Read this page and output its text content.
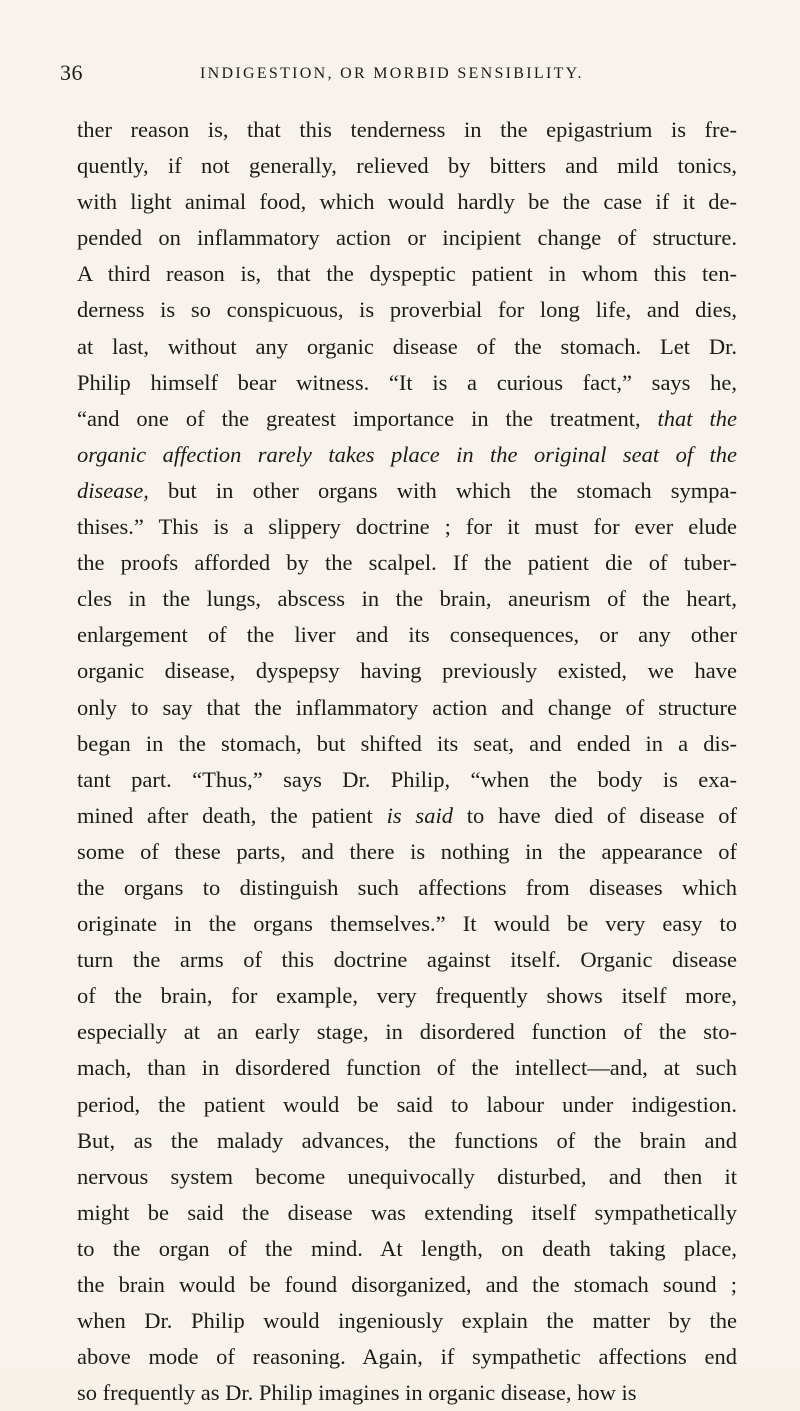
36	INDIGESTION, OR MORBID SENSIBILITY.
ther reason is, that this tenderness in the epigastrium is fre-
quently, if not generally, relieved by bitters and mild tonics,
with light animal food, which would hardly be the case if it de-
pended on inflammatory action or incipient change of structure.
A third reason is, that the dyspeptic patient in whom this ten-
derness is so conspicuous, is proverbial for long life, and dies,
at last, without any organic disease of the stomach. Let Dr.
Philip himself bear witness. “It is a curious fact,” says he,
“and one of the greatest importance in the treatment, that the
organic affection rarely takes place in the original seat of the
disease, but in other organs with which the stomach sympa-
thises.” This is a slippery doctrine ; for it must for ever elude
the proofs afforded by the scalpel. If the patient die of tuber-
cles in the lungs, abscess in the brain, aneurism of the heart,
enlargement of the liver and its consequences, or any other
organic disease, dyspepsy having previously existed, we have
only to say that the inflammatory action and change of structure
began in the stomach, but shifted its seat, and ended in a dis-
tant part. “Thus,” says Dr. Philip, “when the body is exa-
mined after death, the patient is said to have died of disease of
some of these parts, and there is nothing in the appearance of
the organs to distinguish such affections from diseases which
originate in the organs themselves.” It would be very easy to
turn the arms of this doctrine against itself. Organic disease
of the brain, for example, very frequently shows itself more,
especially at an early stage, in disordered function of the sto-
mach, than in disordered function of the intellect—and, at such
period, the patient would be said to labour under indigestion.
But, as the malady advances, the functions of the brain and
nervous system become unequivocally disturbed, and then it
might be said the disease was extending itself sympathetically
to the organ of the mind. At length, on death taking place,
the brain would be found disorganized, and the stomach sound ;
when Dr. Philip would ingeniously explain the matter by the
above mode of reasoning. Again, if sympathetic affections end
so frequently as Dr. Philip imagines in organic disease, how is
